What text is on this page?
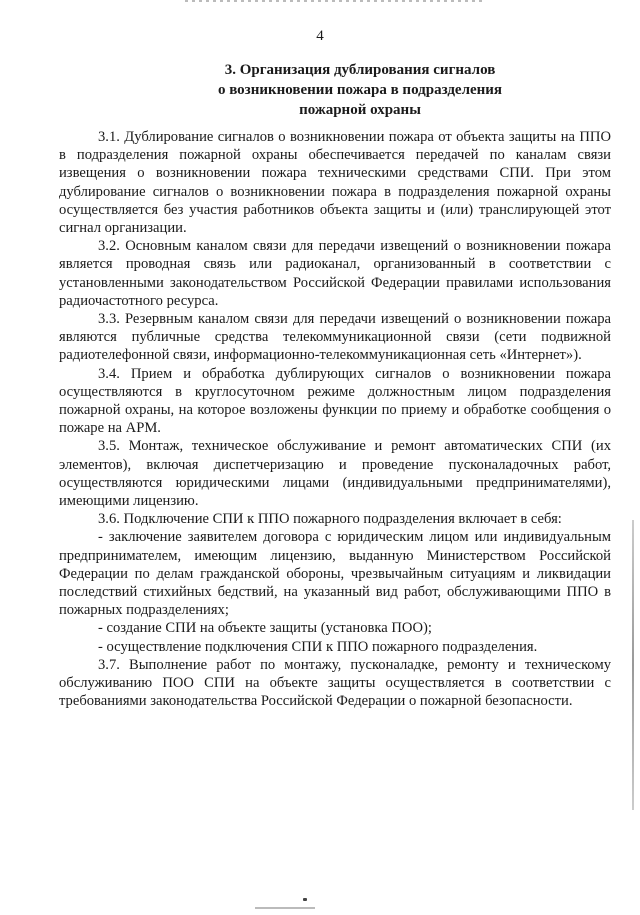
4
3. Организация дублирования сигналов
о возникновении пожара в подразделения
пожарной охраны

3.1. Дублирование сигналов о возникновении пожара от объекта защиты на ППО в подразделения пожарной охраны обеспечивается передачей по каналам связи извещения о возникновении пожара техническими средствами СПИ. При этом дублирование сигналов о возникновении пожара в подразделения пожарной охраны осуществляется без участия работников объекта защиты и (или) транслирующей этот сигнал организации.

3.2. Основным каналом связи для передачи извещений о возникновении пожара является проводная связь или радиоканал, организованный в соответствии с установленными законодательством Российской Федерации правилами использования радиочастотного ресурса.

3.3. Резервным каналом связи для передачи извещений о возникновении пожара являются публичные средства телекоммуникационной связи (сети подвижной радиотелефонной связи, информационно-телекоммуникационная сеть «Интернет»).

3.4. Прием и обработка дублирующих сигналов о возникновении пожара осуществляются в круглосуточном режиме должностным лицом подразделения пожарной охраны, на которое возложены функции по приему и обработке сообщения о пожаре на АРМ.

3.5. Монтаж, техническое обслуживание и ремонт автоматических СПИ (их элементов), включая диспетчеризацию и проведение пусконаладочных работ, осуществляются юридическими лицами (индивидуальными предпринимателями), имеющими лицензию.

3.6. Подключение СПИ к ППО пожарного подразделения включает в себя:

- заключение заявителем договора с юридическим лицом или индивидуальным предпринимателем, имеющим лицензию, выданную Министерством Российской Федерации по делам гражданской обороны, чрезвычайным ситуациям и ликвидации последствий стихийных бедствий, на указанный вид работ, обслуживающими ППО в пожарных подразделениях;

- создание СПИ на объекте защиты (установка ПОО);

- осуществление подключения СПИ к ППО пожарного подразделения.

3.7. Выполнение работ по монтажу, пусконаладке, ремонту и техническому обслуживанию ПОО СПИ на объекте защиты осуществляется в соответствии с требованиями законодательства Российской Федерации о пожарной безопасности.
